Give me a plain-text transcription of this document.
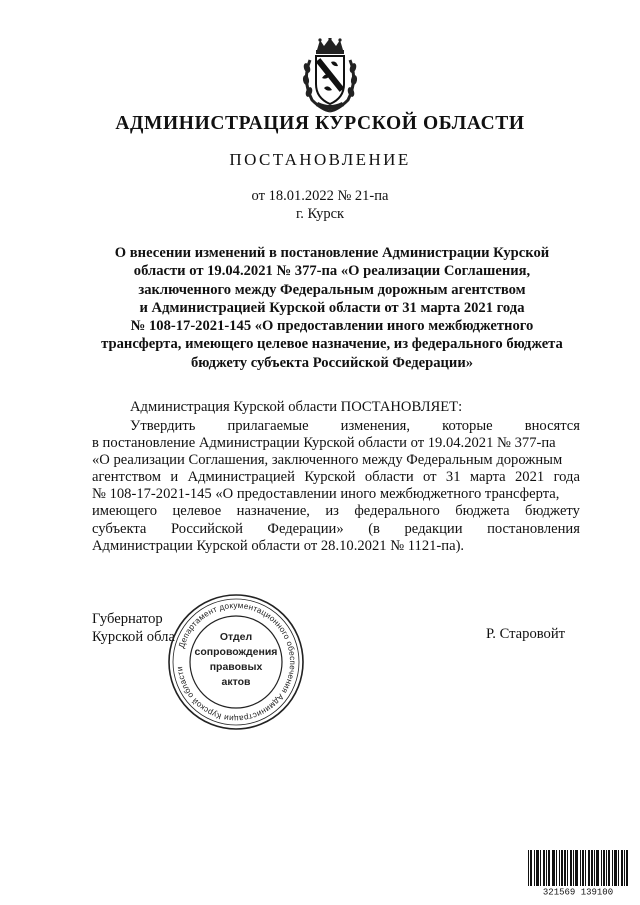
АДМИНИСТРАЦИЯ КУРСКОЙ ОБЛАСТИ
ПОСТАНОВЛЕНИЕ
от 18.01.2022 № 21-па
г. Курск
О внесении изменений в постановление Администрации Курской
области от 19.04.2021 № 377-па «О реализации Соглашения,
заключенного между Федеральным дорожным агентством
и Администрацией Курской области от 31 марта 2021 года
№ 108-17-2021-145 «О предоставлении иного межбюджетного
трансферта, имеющего целевое назначение, из федерального бюджета
бюджету субъекта Российской Федерации»
Администрация Курской области ПОСТАНОВЛЯЕТ:
Утвердить прилагаемые изменения, которые вносятся
в постановление Администрации Курской области от 19.04.2021 № 377-па
«О реализации Соглашения, заключенного между Федеральным дорожным
агентством и Администрацией Курской области от 31 марта 2021 года
№ 108-17-2021-145 «О предоставлении иного межбюджетного трансферта,
имеющего целевое назначение, из федерального бюджета бюджету
субъекта Российской Федерации» (в редакции постановления
Администрации Курской области от 28.10.2021 № 1121-па).
Губернатор
Курской обла	Р. Старовойт
Департамент документационного обеспечения Администрации Курской области
Отдел
сопровождения
правовых
актов
321569 139100
